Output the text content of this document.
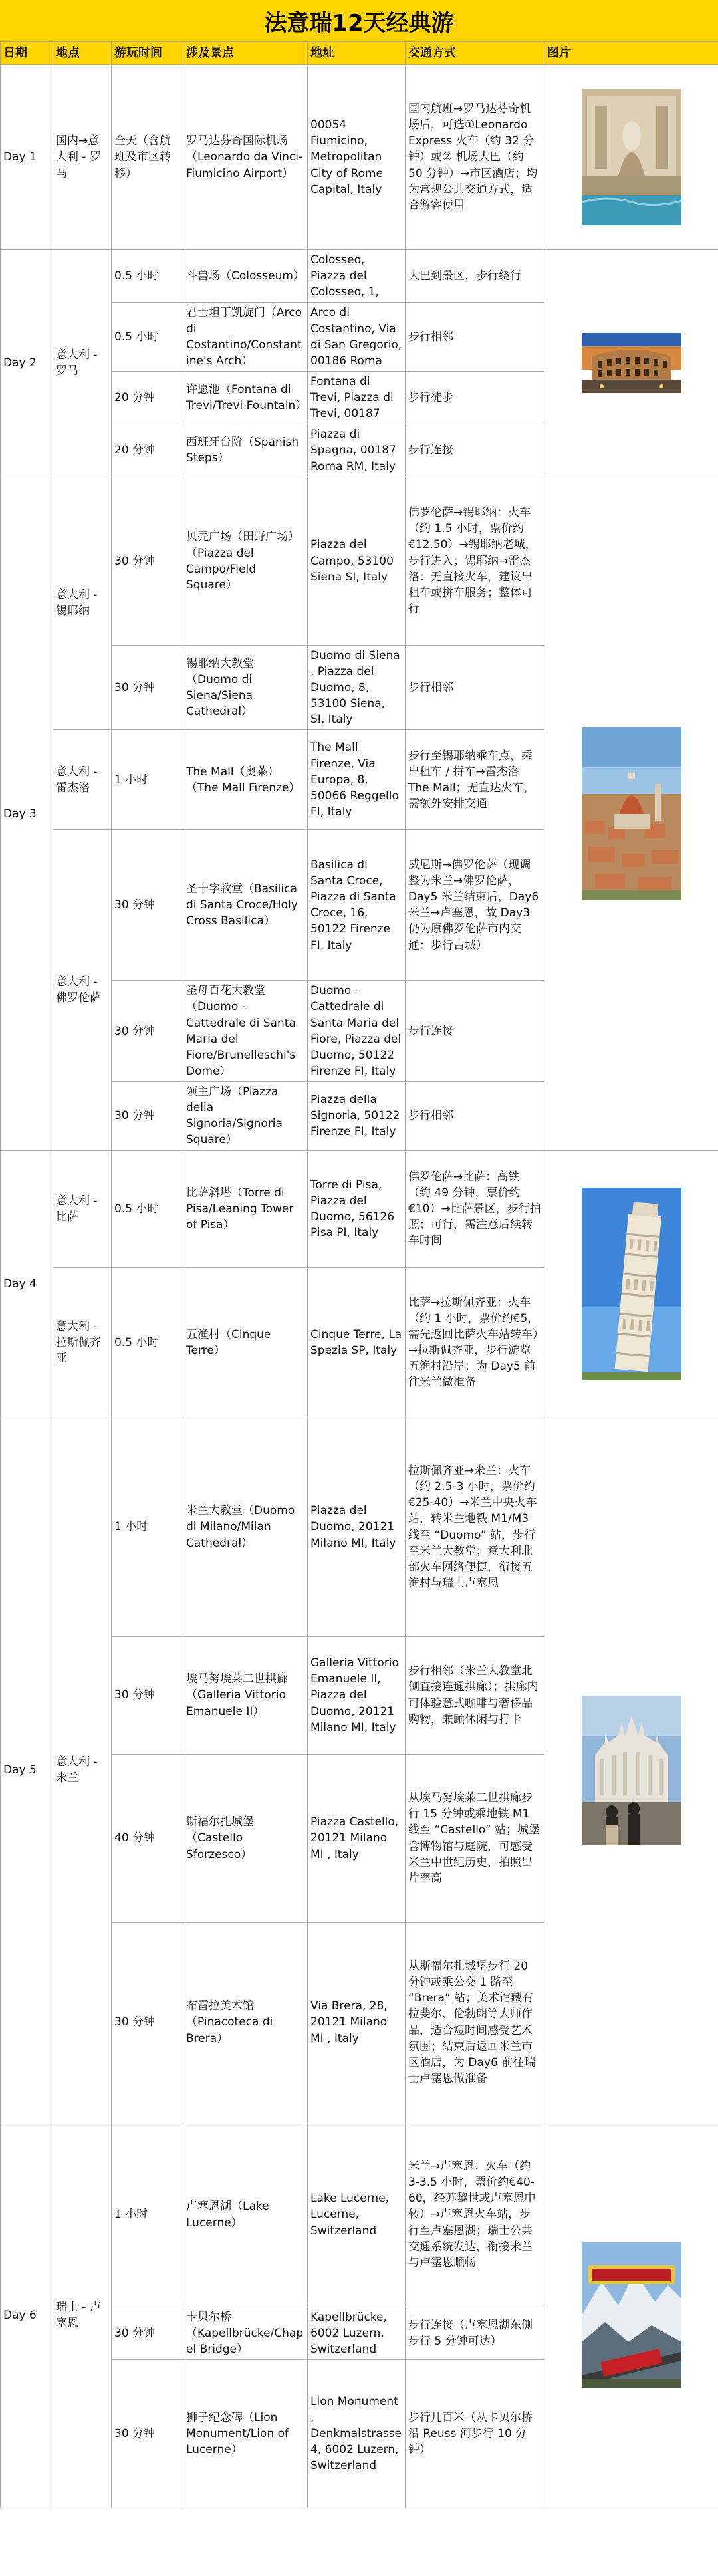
法意瑞12天经典游
日期	地点	游玩时间	涉及景点	地址	交通方式	图片
Day 1	国内→意大利 - 罗马	全天（含航班及市区转移）	罗马达芬奇国际机场（Leonardo da Vinci-Fiumicino Airport）	00054 Fiumicino, Metropolitan City of Rome Capital, Italy	国内航班→罗马达芬奇机场后，可选①Leonardo Express 火车（约 32 分钟）或② 机场大巴（约 50 分钟）→市区酒店；均为常规公共交通方式，适合游客使用	

Day 2	意大利 - 罗马	0.5 小时	斗兽场（Colosseum）	Colosseo, Piazza del Colosseo, 1,	大巴到景区，步行绕行	

		0.5 小时	君士坦丁凯旋门（Arco di Costantino/Constantine's Arch）	Arco di Costantino, Via di San Gregorio, 00186 Roma	步行相邻	
		20 分钟	许愿池（Fontana di Trevi/Trevi Fountain）	Fontana di Trevi, Piazza di Trevi, 00187	步行徒步	
		20 分钟	西班牙台阶（Spanish Steps）	Piazza di Spagna, 00187 Roma RM, Italy	步行连接	
Day 3	意大利 - 锡耶纳	30 分钟	贝壳广场（田野广场）（Piazza del Campo/Field Square）	Piazza del Campo, 53100 Siena SI, Italy	佛罗伦萨→锡耶纳：火车（约 1.5 小时，票价约€12.50）→锡耶纳老城，步行进入；锡耶纳→雷杰洛：无直接火车，建议出租车或拼车服务；整体可行	

		30 分钟	锡耶纳大教堂（Duomo di Siena/Siena Cathedral）	Duomo di Siena , Piazza del Duomo, 8, 53100 Siena, SI, Italy	步行相邻	
	意大利 - 雷杰洛	1 小时	The Mall（奥莱）（The Mall Firenze）	The Mall Firenze, Via Europa, 8, 50066 Reggello FI, Italy	步行至锡耶纳乘车点，乘出租车 / 拼车→雷杰洛 The Mall；无直达火车，需额外安排交通	
	意大利 - 佛罗伦萨	30 分钟	圣十字教堂（Basilica di Santa Croce/Holy Cross Basilica）	Basilica di Santa Croce, Piazza di Santa Croce, 16, 50122 Firenze FI, Italy	威尼斯→佛罗伦萨（现调整为米兰→佛罗伦萨，Day5 米兰结束后，Day6 米兰→卢塞恩，故 Day3 仍为原佛罗伦萨市内交通：步行古城）	
		30 分钟	圣母百花大教堂（Duomo - Cattedrale di Santa Maria del Fiore/Brunelleschi's Dome）	Duomo - Cattedrale di Santa Maria del Fiore, Piazza del Duomo, 50122 Firenze FI, Italy	步行连接	
		30 分钟	领主广场（Piazza della Signoria/Signoria Square）	Piazza della Signoria, 50122 Firenze FI, Italy	步行相邻	
Day 4	意大利 - 比萨	0.5 小时	比萨斜塔（Torre di Pisa/Leaning Tower of Pisa）	Torre di Pisa, Piazza del Duomo, 56126 Pisa PI, Italy	佛罗伦萨→比萨：高铁（约 49 分钟，票价约€10）→比萨景区，步行拍照；可行，需注意后续转车时间	

	意大利 - 拉斯佩齐亚	0.5 小时	五渔村（Cinque Terre）	Cinque Terre, La Spezia SP, Italy	比萨→拉斯佩齐亚：火车（约 1 小时，票价约€5，需先返回比萨火车站转车）→拉斯佩齐亚，步行游览五渔村沿岸；为 Day5 前往米兰做准备	
Day 5	意大利 - 米兰	1 小时	米兰大教堂（Duomo di Milano/Milan Cathedral）	Piazza del Duomo, 20121 Milano MI, Italy	拉斯佩齐亚→米兰：火车（约 2.5-3 小时，票价约€25-40）→米兰中央火车站，转米兰地铁 M1/M3 线至 “Duomo” 站，步行至米兰大教堂；意大利北部火车网络便捷，衔接五渔村与瑞士卢塞恩	

		30 分钟	埃马努埃莱二世拱廊（Galleria Vittorio Emanuele II）	Galleria Vittorio Emanuele II, Piazza del Duomo, 20121 Milano MI, Italy	步行相邻（米兰大教堂北侧直接连通拱廊）；拱廊内可体验意式咖啡与奢侈品购物，兼顾休闲与打卡	
		40 分钟	斯福尔扎城堡（Castello Sforzesco）	Piazza Castello, 20121 Milano MI , Italy	从埃马努埃莱二世拱廊步行 15 分钟或乘地铁 M1 线至 “Castello” 站；城堡含博物馆与庭院，可感受米兰中世纪历史，拍照出片率高	
		30 分钟	布雷拉美术馆（Pinacoteca di Brera）	Via Brera, 28, 20121 Milano MI , Italy	从斯福尔扎城堡步行 20 分钟或乘公交 1 路至 “Brera” 站；美术馆藏有拉斐尔、伦勃朗等大师作品，适合短时间感受艺术氛围；结束后返回米兰市区酒店，为 Day6 前往瑞士卢塞恩做准备	
Day 6	瑞士 - 卢塞恩	1 小时	卢塞恩湖（Lake Lucerne）	Lake Lucerne, Lucerne, Switzerland	米兰→卢塞恩：火车（约 3-3.5 小时，票价约€40-60，经苏黎世或卢塞恩中转）→卢塞恩火车站，步行至卢塞恩湖；瑞士公共交通系统发达，衔接米兰与卢塞恩顺畅	

		30 分钟	卡贝尔桥（Kapellbrücke/Chapel Bridge）	Kapellbrücke, 6002 Luzern, Switzerland	步行连接（卢塞恩湖东侧步行 5 分钟可达）	
		30 分钟	狮子纪念碑（Lion Monument/Lion of Lucerne）	Lion Monument , Denkmalstrasse 4, 6002 Luzern, Switzerland	步行几百米（从卡贝尔桥沿 Reuss 河步行 10 分钟）	
